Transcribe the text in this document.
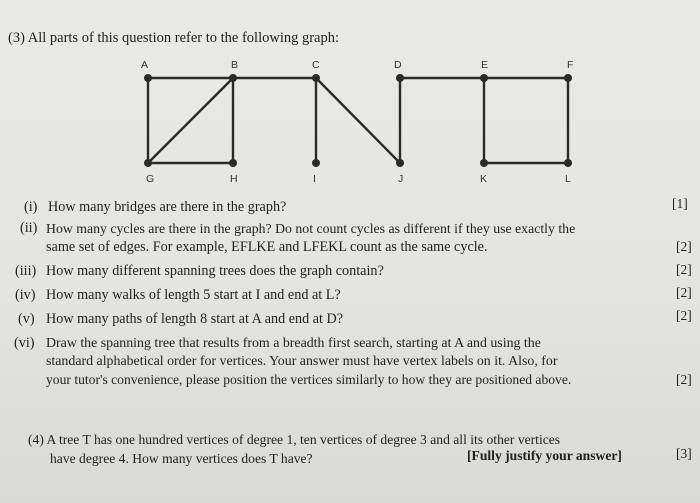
(3) All parts of this question refer to the following graph:
A	B	C	D	E	F
G	H	I	J	K	L
(i) How many bridges are there in the graph?	[1]
(ii) How many cycles are there in the graph? Do not count cycles as different if they use exactly the
same set of edges. For example, EFLKE and LFEKL count as the same cycle.	[2]
(iii) How many different spanning trees does the graph contain?	[2]
(iv) How many walks of length 5 start at I and end at L?	[2]
(v) How many paths of length 8 start at A and end at D?	[2]
(vi) Draw the spanning tree that results from a breadth first search, starting at A and using the
standard alphabetical order for vertices. Your answer must have vertex labels on it. Also, for
your tutor's convenience, please position the vertices similarly to how they are positioned above.	[2]
(4) A tree T has one hundred vertices of degree 1, ten vertices of degree 3 and all its other vertices
have degree 4. How many vertices does T have?	[Fully justify your answer]	[3]
